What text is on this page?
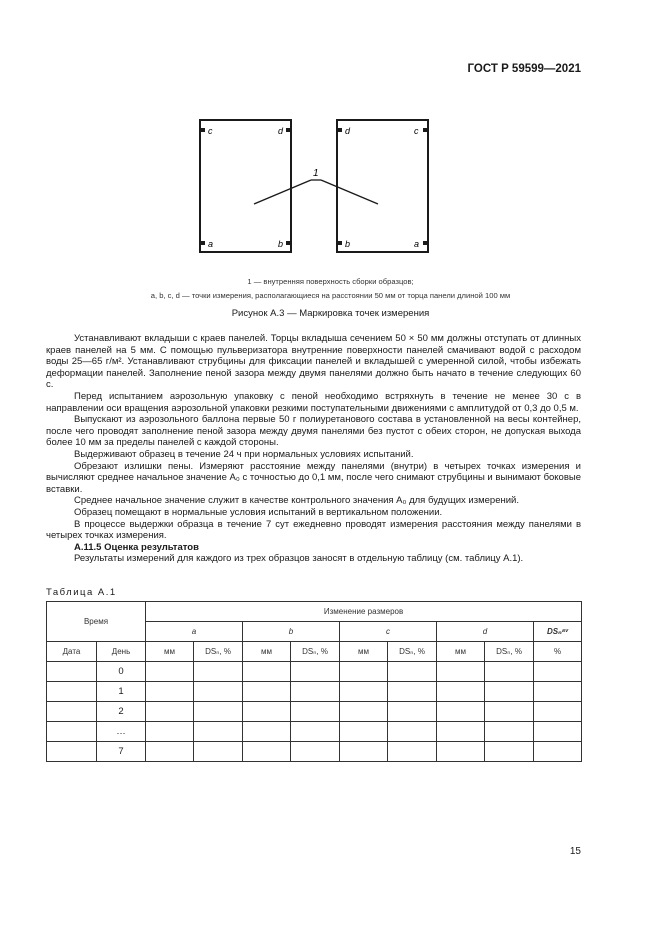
ГОСТ Р 59599—2021
c	d
a	b
d	c
b	a
1
1 — внутренняя поверхность сборки образцов;
a, b, c, d — точки измерения, располагающиеся на расстоянии 50 мм от торца панели длиной 100 мм
Рисунок А.3 — Маркировка точек измерения

Устанавливают вкладыши с краев панелей. Торцы вкладыша сечением 50 × 50 мм должны отступать от длинных краев панелей на 5 мм. С помощью пульверизатора внутренние поверхности панелей смачивают водой с расходом воды 25—65 г/м². Устанавливают струбцины для фиксации панелей и вкладышей с умеренной силой, чтобы избежать деформации панелей. Заполнение пеной зазора между двумя панелями должно быть начато в течение следующих 60 с.

Перед испытанием аэрозольную упаковку с пеной необходимо встряхнуть в течение не менее 30 с в направлении оси вращения аэрозольной упаковки резкими поступательными движениями с амплитудой от 0,3 до 0,5 м.

Выпускают из аэрозольного баллона первые 50 г полиуретанового состава в установленной на весы контейнер, после чего проводят заполнение пеной зазора между двумя панелями без пустот с обеих сторон, не допуская выхода более 10 мм за пределы панелей с каждой стороны.

Выдерживают образец в течение 24 ч при нормальных условиях испытаний.

Обрезают излишки пены. Измеряют расстояние между панелями (внутри) в четырех точках измерения и вычисляют среднее начальное значение A₀ с точностью до 0,1 мм, после чего снимают струбцины и вынимают боковые вставки.

Среднее начальное значение служит в качестве контрольного значения A₀ для будущих измерений.

Образец помещают в нормальные условия испытаний в вертикальном положении.

В процессе выдержки образца в течение 7 сут ежедневно проводят измерения расстояния между панелями в четырех точках измерения.

А.11.5 Оценка результатов

Результаты измерений для каждого из трех образцов заносят в отдельную таблицу (см. таблицу А.1).

Таблица А.1
Время		Изменение размеров								
		a		b		c		d		DSₙᵃᵛ
Дата	День	мм	DSₙ, %	мм	DSₙ, %	мм	DSₙ, %	мм	DSₙ, %	%
	0									
	1									
	2									
	…									
	7									
15
